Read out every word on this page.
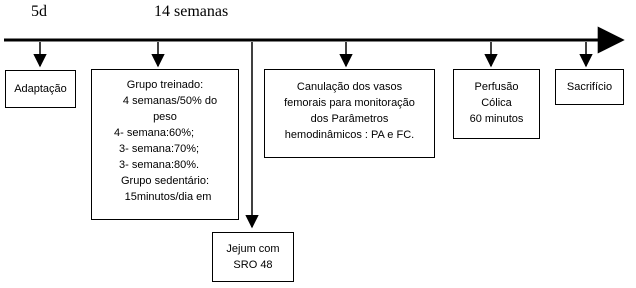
5d	14 semanas
Adaptação	Grupo treinado:
4 semanas/50% do
peso
4- semana:60%;
3- semana:70%;
3- semana:80%.
Grupo sedentário:
15minutos/dia em
Jejum com
SRO 48
Canulação dos vasos
femorais para monitoração
dos Parâmetros
hemodinâmicos : PA e FC.
Perfusão
Cólica
60 minutos
Sacrifício
